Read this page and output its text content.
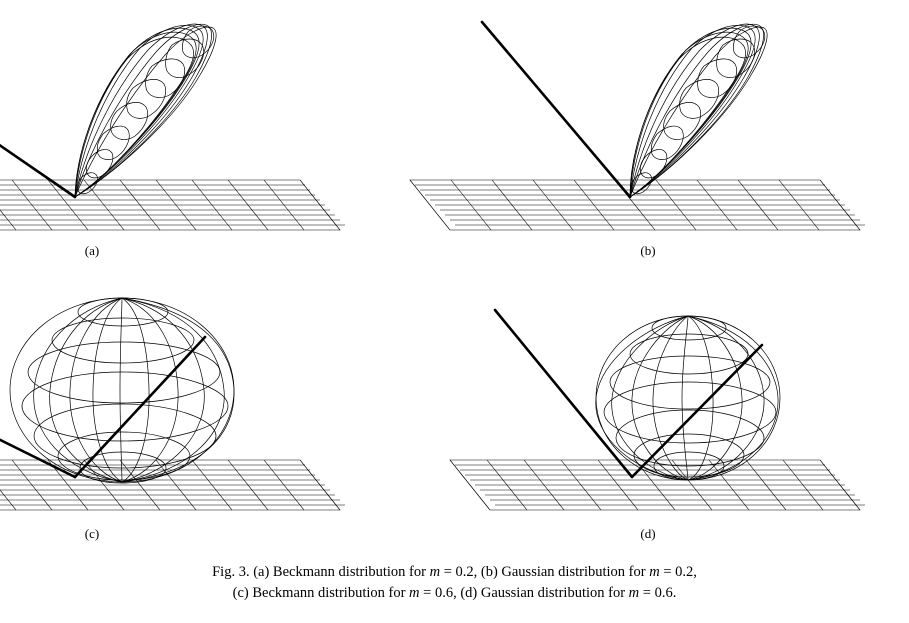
(a)	(b)
(c)	(d)
Fig. 3. (a) Beckmann distribution for m = 0.2, (b) Gaussian distribution for m = 0.2,
(c) Beckmann distribution for m = 0.6, (d) Gaussian distribution for m = 0.6.
